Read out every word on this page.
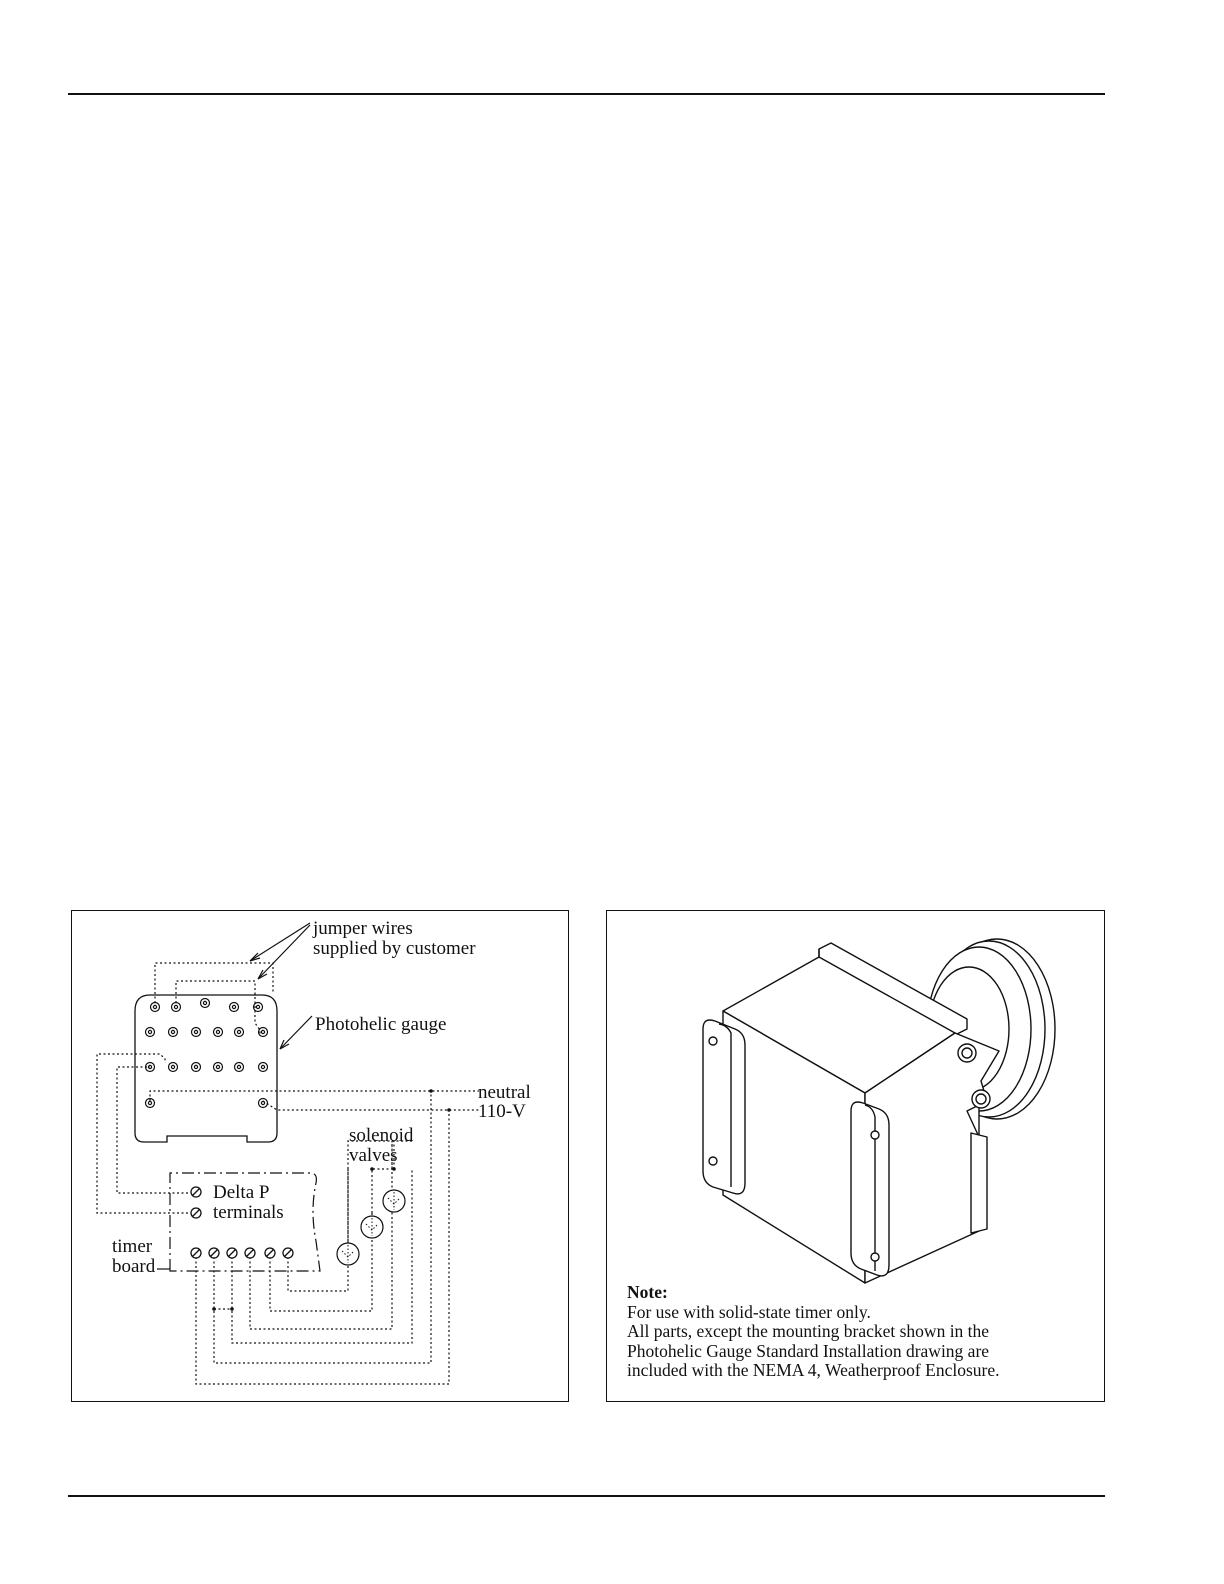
jumper wires
supplied by customer
Photohelic gauge
neutral
110-V
solenoid
valves
Delta P
terminals
timer
board
Note:
For use with solid-state timer only.
All parts, except the mounting bracket shown in the
Photohelic Gauge Standard Installation drawing are
included with the NEMA 4, Weatherproof Enclosure.
